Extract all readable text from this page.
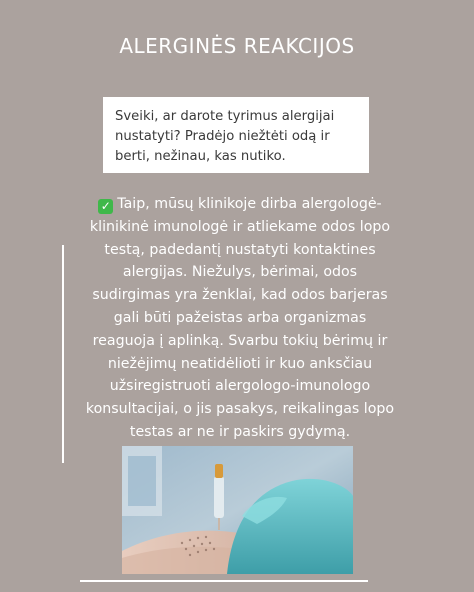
ALERGINĖS REAKCIJOS
Sveiki, ar darote tyrimus alergijai nustatyti? Pradėjo niežtėti odą ir berti, nežinau, kas nutiko.
✓ Taip, mūsų klinikoje dirba alergologė-
klinikinė imunologė ir atliekame odos lopo
testą, padedantį nustatyti kontaktines
alergijas. Niežulys, bėrimai, odos
sudirgimas yra ženklai, kad odos barjeras
gali būti pažeistas arba organizmas
reaguoja į aplinką. Svarbu tokių bėrimų ir
niežėjimų neatidėlioti ir kuo anksčiau
užsiregistruoti alergologo-imunologo
konsultacijai, o jis pasakys, reikalingas lopo
testas ar ne ir paskirs gydymą.
